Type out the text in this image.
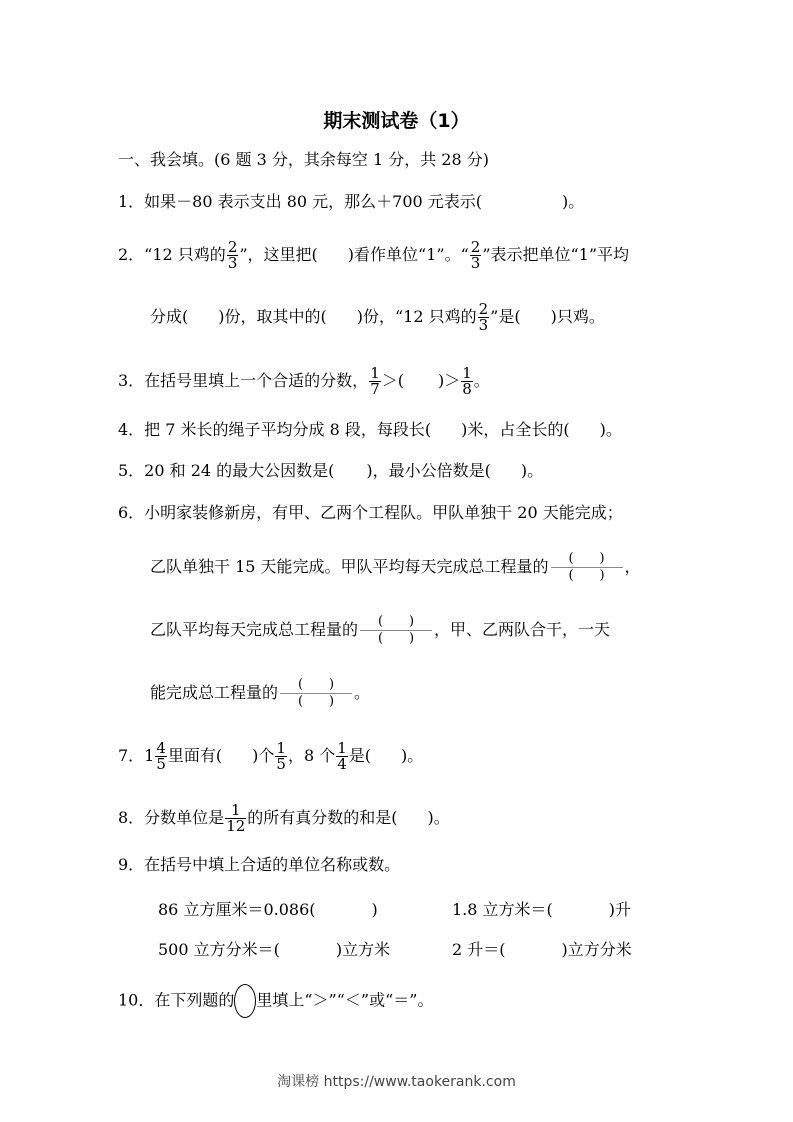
期末测试卷（1）
一、我会填。(6 题 3 分，其余每空 1 分，共 28 分)
1．如果－80 表示支出 80 元，那么＋700 元表示(	)。
2．“12 只鸡的 $\frac{2}{3}$ ”，这里把( )看作单位“1”。“ $\frac{2}{3}$ ”表示把单位“1”平均
分成( )份，取其中的( )份，“12 只鸡的 $\frac{2}{3}$ ”是( )只鸡。
3．在括号里填上一个合适的分数， $\frac{1}{7}$ ＞( )＞ $\frac{1}{8}$ 。
4．把 7 米长的绳子平均分成 8 段，每段长( )米，占全长的( )。
5．20 和 24 的最大公因数是( )，最小公倍数是( )。
6．小明家装修新房，有甲、乙两个工程队。甲队单独干 20 天能完成；
乙队单独干 15 天能完成。甲队平均每天完成总工程量的 $\frac{( )}{( )}$ ，
乙队平均每天完成总工程量的 $\frac{( )}{( )}$ ，甲、乙两队合干，一天
能完成总工程量的 $\frac{( )}{( )}$ 。
7．$1 \frac{4}{5}$ 里面有( )个 $\frac{1}{5}$ ，8 个 $\frac{1}{4}$ 是( )。
8．分数单位是 $\frac{1}{12}$ 的所有真分数的和是( )。
9．在括号中填上合适的单位名称或数。
86 立方厘米＝0.086(	)	1.8 立方米＝(	)升
500 立方分米＝(	)立方米	2 升＝(	)立方分米
10．在下列题的 里填上“＞”“＜”或“＝”。
淘课榜 https://www.taokerank.com
